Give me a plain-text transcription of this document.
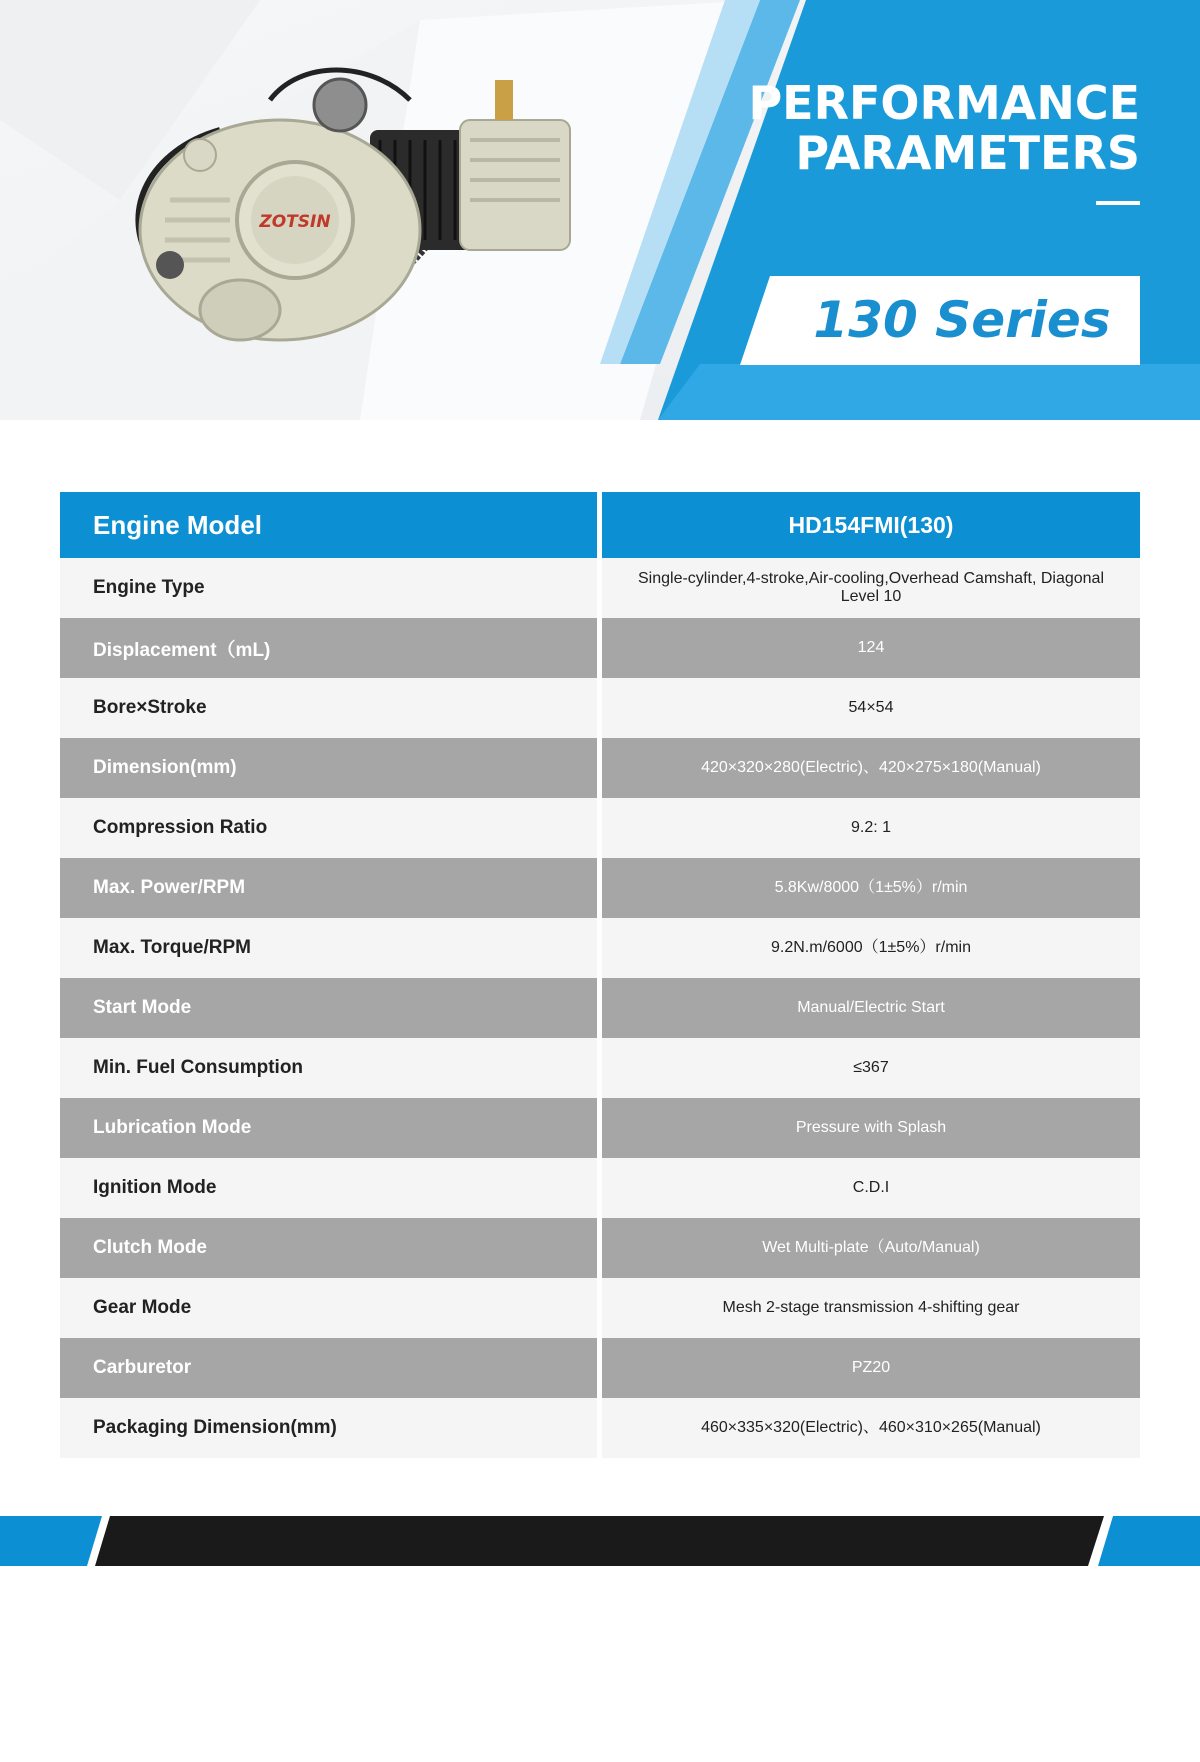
ZOTSIN
PERFORMANCE
PARAMETERS
130 Series
Engine Model	HD154FMI(130)
Engine Type	Single-cylinder,4-stroke,Air-cooling,Overhead Camshaft, Diagonal Level 10
Displacement（mL)	124
Bore×Stroke	54×54
Dimension(mm)	420×320×280(Electric)、420×275×180(Manual)
Compression Ratio	9.2: 1
Max. Power/RPM	5.8Kw/8000（1±5%）r/min
Max. Torque/RPM	9.2N.m/6000（1±5%）r/min
Start Mode	Manual/Electric Start
Min. Fuel Consumption	≤367
Lubrication Mode	Pressure with Splash
Ignition Mode	C.D.I
Clutch Mode	Wet Multi-plate（Auto/Manual)
Gear Mode	Mesh 2-stage transmission 4-shifting gear
Carburetor	PZ20
Packaging Dimension(mm)	460×335×320(Electric)、460×310×265(Manual)
